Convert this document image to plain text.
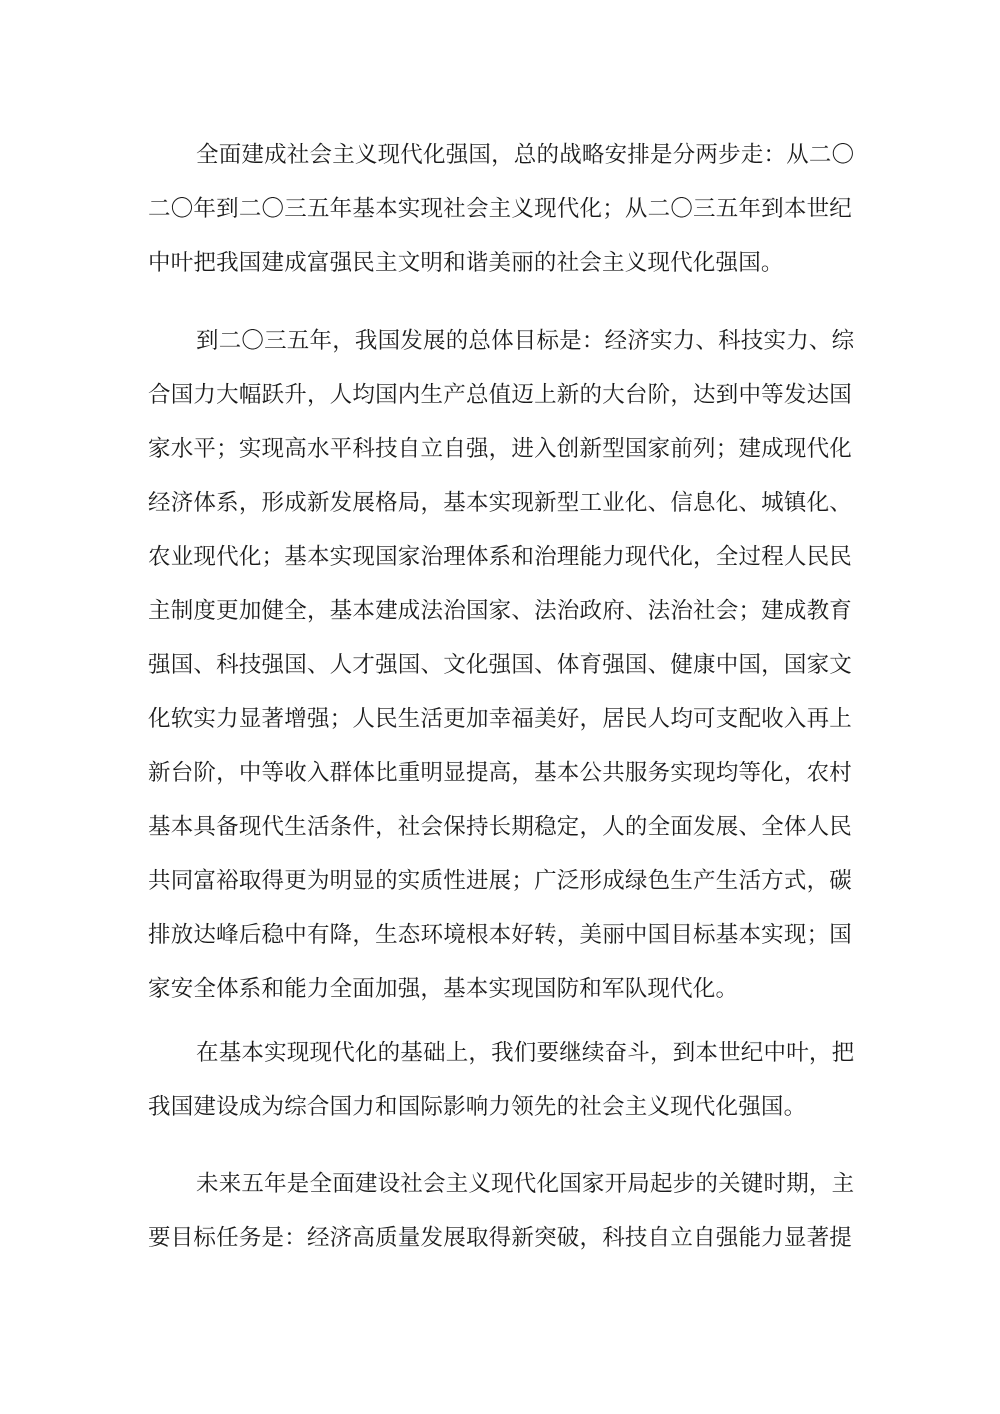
全面建成社会主义现代化强国，总的战略安排是分两步走：从二〇
二〇年到二〇三五年基本实现社会主义现代化；从二〇三五年到本世纪
中叶把我国建成富强民主文明和谐美丽的社会主义现代化强国。
到二〇三五年，我国发展的总体目标是：经济实力、科技实力、综
合国力大幅跃升，人均国内生产总值迈上新的大台阶，达到中等发达国
家水平；实现高水平科技自立自强，进入创新型国家前列；建成现代化
经济体系，形成新发展格局，基本实现新型工业化、信息化、城镇化、
农业现代化；基本实现国家治理体系和治理能力现代化，全过程人民民
主制度更加健全，基本建成法治国家、法治政府、法治社会；建成教育
强国、科技强国、人才强国、文化强国、体育强国、健康中国，国家文
化软实力显著增强；人民生活更加幸福美好，居民人均可支配收入再上
新台阶，中等收入群体比重明显提高，基本公共服务实现均等化，农村
基本具备现代生活条件，社会保持长期稳定，人的全面发展、全体人民
共同富裕取得更为明显的实质性进展；广泛形成绿色生产生活方式，碳
排放达峰后稳中有降，生态环境根本好转，美丽中国目标基本实现；国
家安全体系和能力全面加强，基本实现国防和军队现代化。
在基本实现现代化的基础上，我们要继续奋斗，到本世纪中叶，把
我国建设成为综合国力和国际影响力领先的社会主义现代化强国。
未来五年是全面建设社会主义现代化国家开局起步的关键时期，主
要目标任务是：经济高质量发展取得新突破，科技自立自强能力显著提
